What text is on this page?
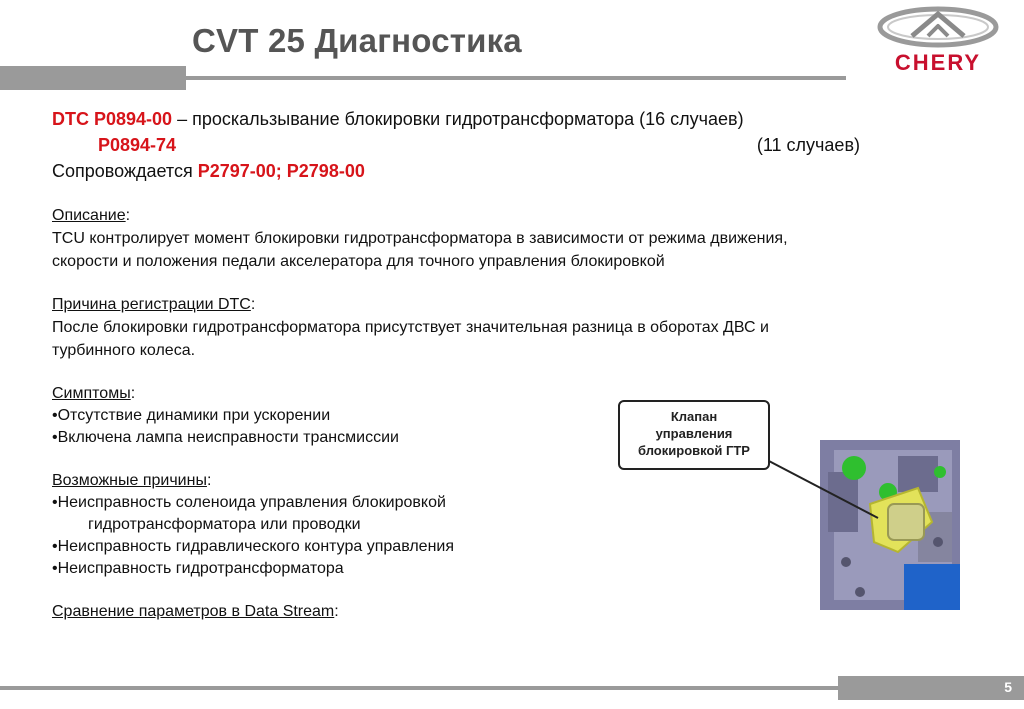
CVT 25 Диагностика
CHERY
DTC P0894-00 – проскальзывание блокировки гидротрансформатора (16 случаев)
P0894-74	(11 случаев)
Сопровождается P2797-00; P2798-00
Описание:
TCU контролирует момент блокировки гидротрансформатора в зависимости от режима движения,
скорости и положения педали акселератора для точного управления блокировкой
Причина регистрации DTC:
После блокировки гидротрансформатора присутствует значительная разница в оборотах ДВС и
турбинного колеса.
Симптомы:
•Отсутствие динамики при ускорении
•Включена лампа неисправности трансмиссии
Возможные причины:
•Неисправность соленоида управления блокировкой
гидротрансформатора или проводки
•Неисправность гидравлического контура управления
•Неисправность гидротрансформатора
Сравнение параметров в Data Stream:
Клапан
управления
блокировкой ГТР
5
